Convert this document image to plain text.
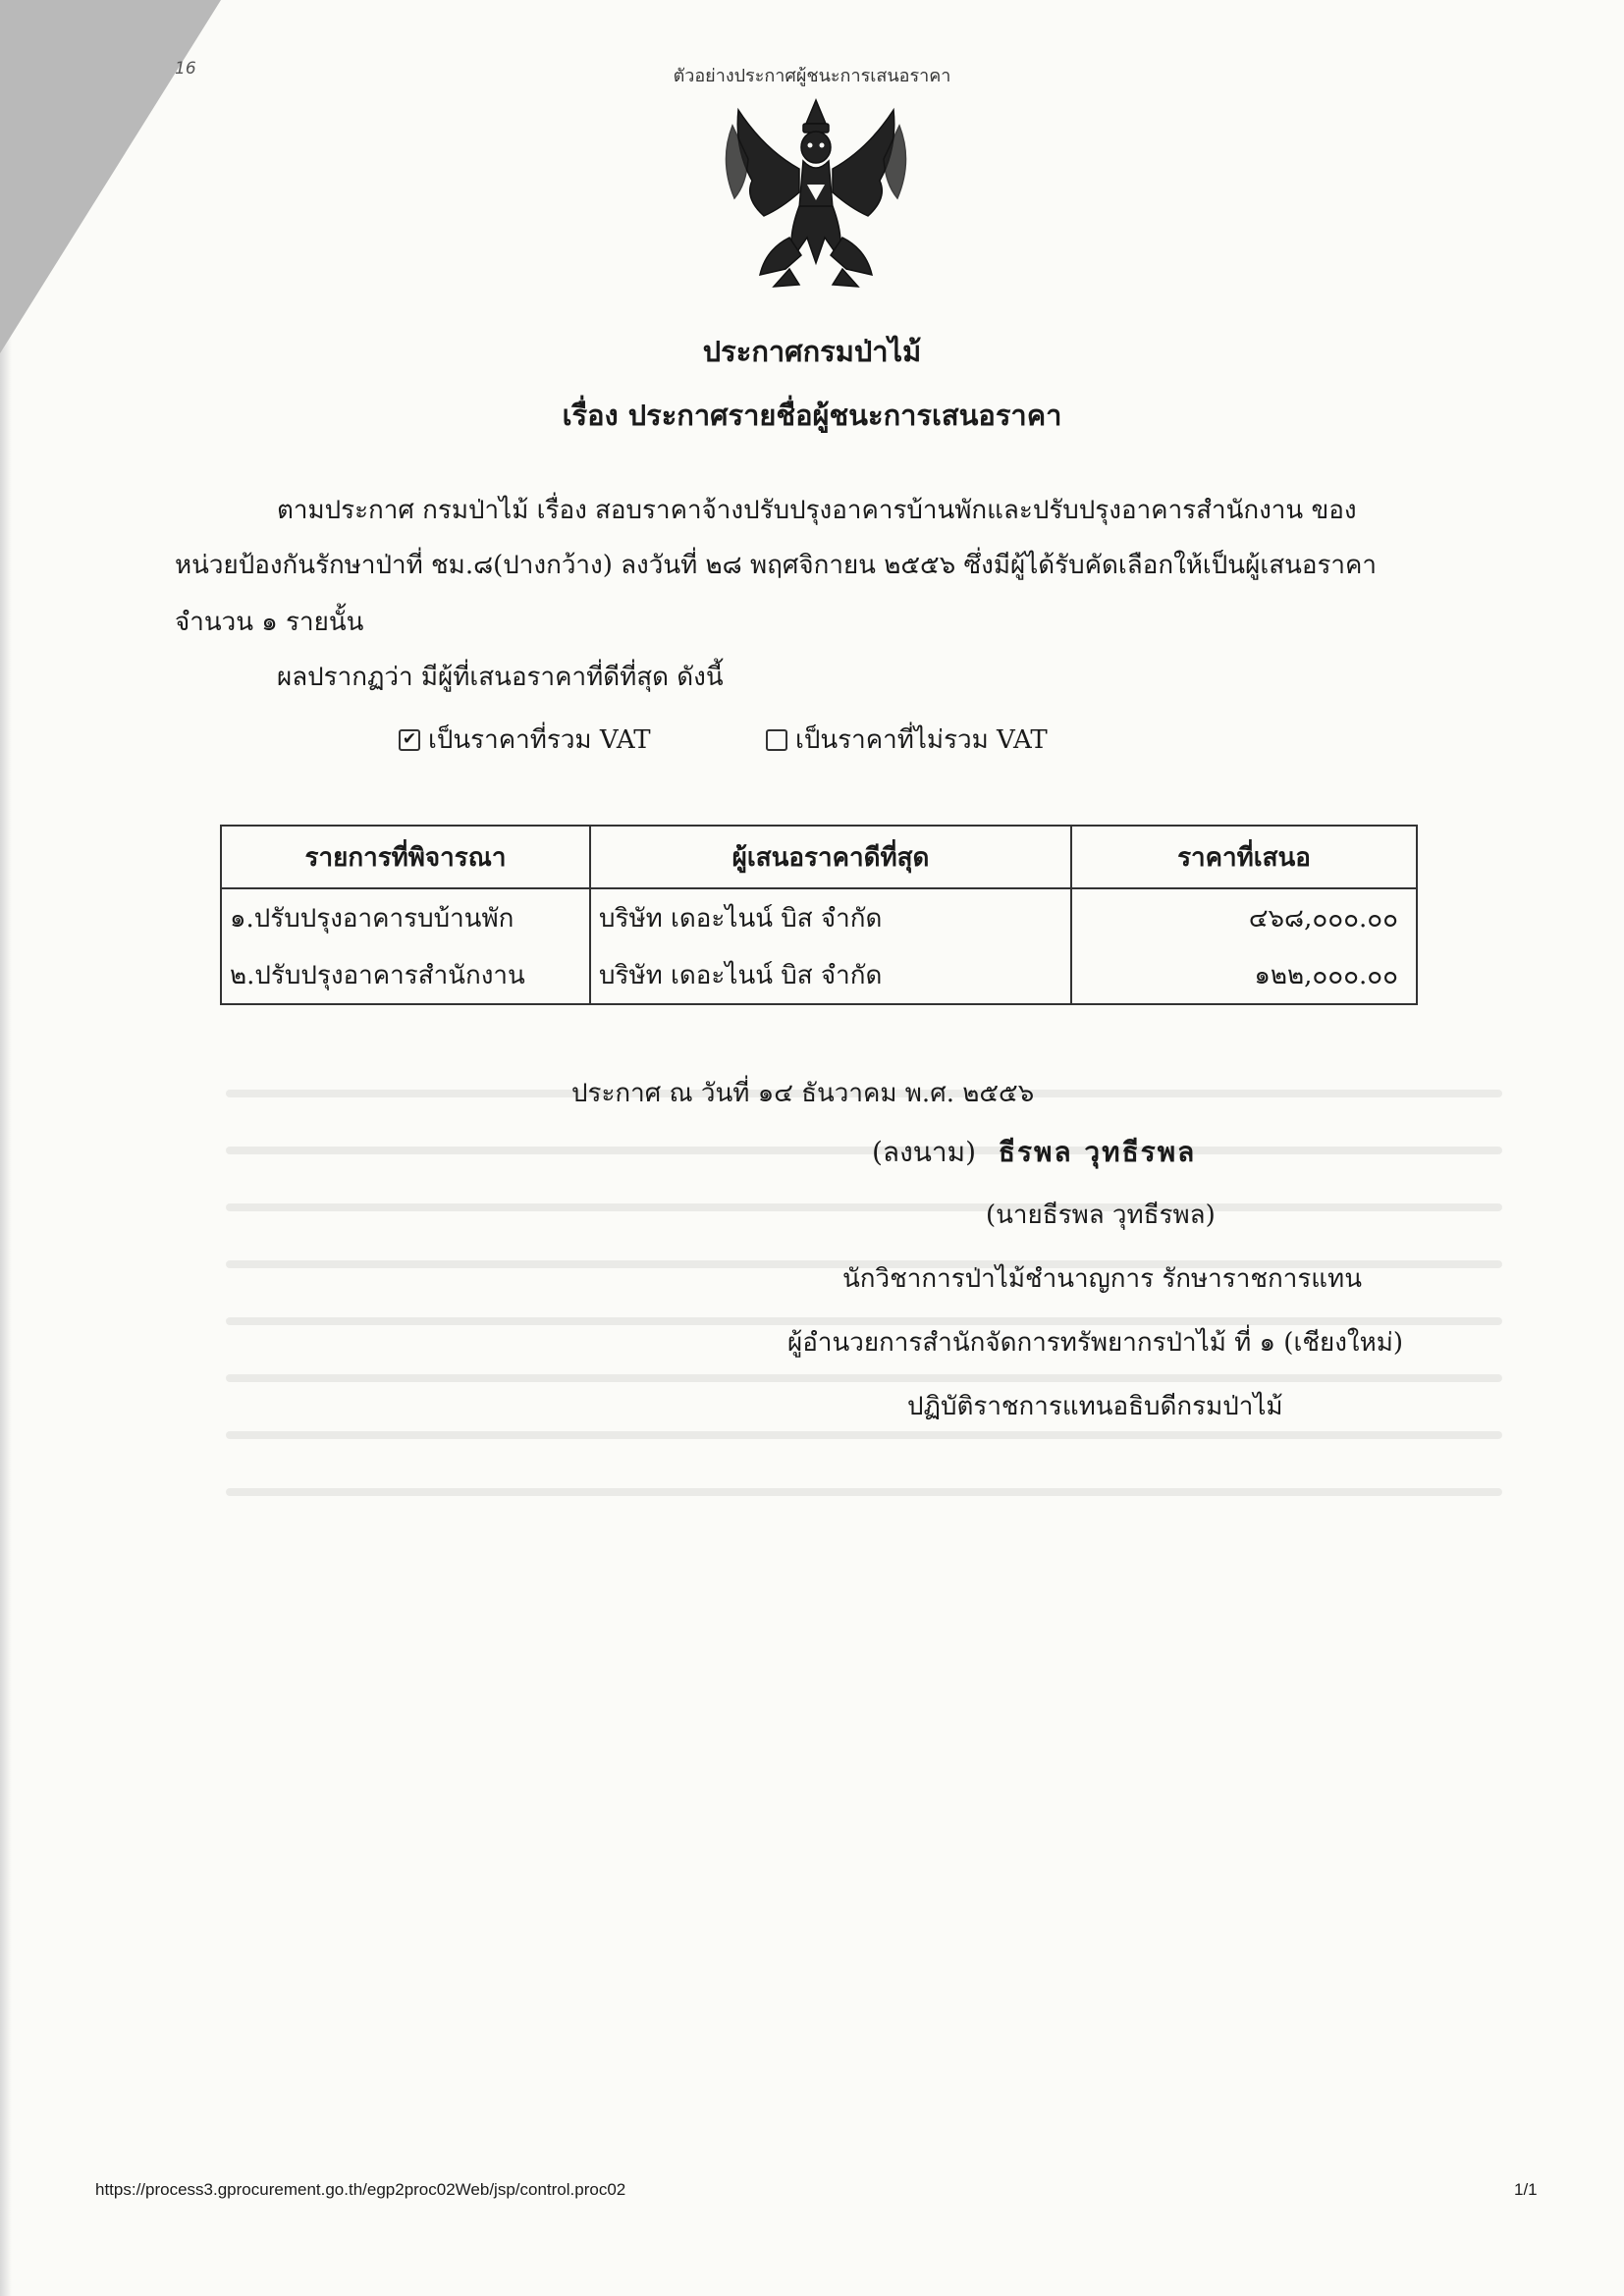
16	ตัวอย่างประกาศผู้ชนะการเสนอราคา
ประกาศกรมป่าไม้
เรื่อง ประกาศรายชื่อผู้ชนะการเสนอราคา
ตามประกาศ กรมป่าไม้ เรื่อง สอบราคาจ้างปรับปรุงอาคารบ้านพักและปรับปรุงอาคารสำนักงาน ของ
หน่วยป้องกันรักษาป่าที่ ชม.๘(ปางกว้าง) ลงวันที่ ๒๘ พฤศจิกายน ๒๕๕๖ ซึ่งมีผู้ได้รับคัดเลือกให้เป็นผู้เสนอราคา
จำนวน ๑ รายนั้น
ผลปรากฏว่า มีผู้ที่เสนอราคาที่ดีที่สุด ดังนี้
✔ เป็นราคาที่รวม VAT	เป็นราคาที่ไม่รวม VAT
รายการที่พิจารณา	ผู้เสนอราคาดีที่สุด	ราคาที่เสนอ
๑.ปรับปรุงอาคารบบ้านพัก	บริษัท เดอะไนน์ บิส จำกัด	๔๖๘,๐๐๐.๐๐
๒.ปรับปรุงอาคารสำนักงาน	บริษัท เดอะไนน์ บิส จำกัด	๑๒๒,๐๐๐.๐๐
ประกาศ ณ วันที่ ๑๔ ธันวาคม พ.ศ. ๒๕๕๖
(ลงนาม) ธีรพล วุทธีรพล
(นายธีรพล วุทธีรพล)
นักวิชาการป่าไม้ชำนาญการ รักษาราชการแทน
ผู้อำนวยการสำนักจัดการทรัพยากรป่าไม้ ที่ ๑ (เชียงใหม่)
ปฏิบัติราชการแทนอธิบดีกรมป่าไม้
https://process3.gprocurement.go.th/egp2proc02Web/jsp/control.proc02	1/1
